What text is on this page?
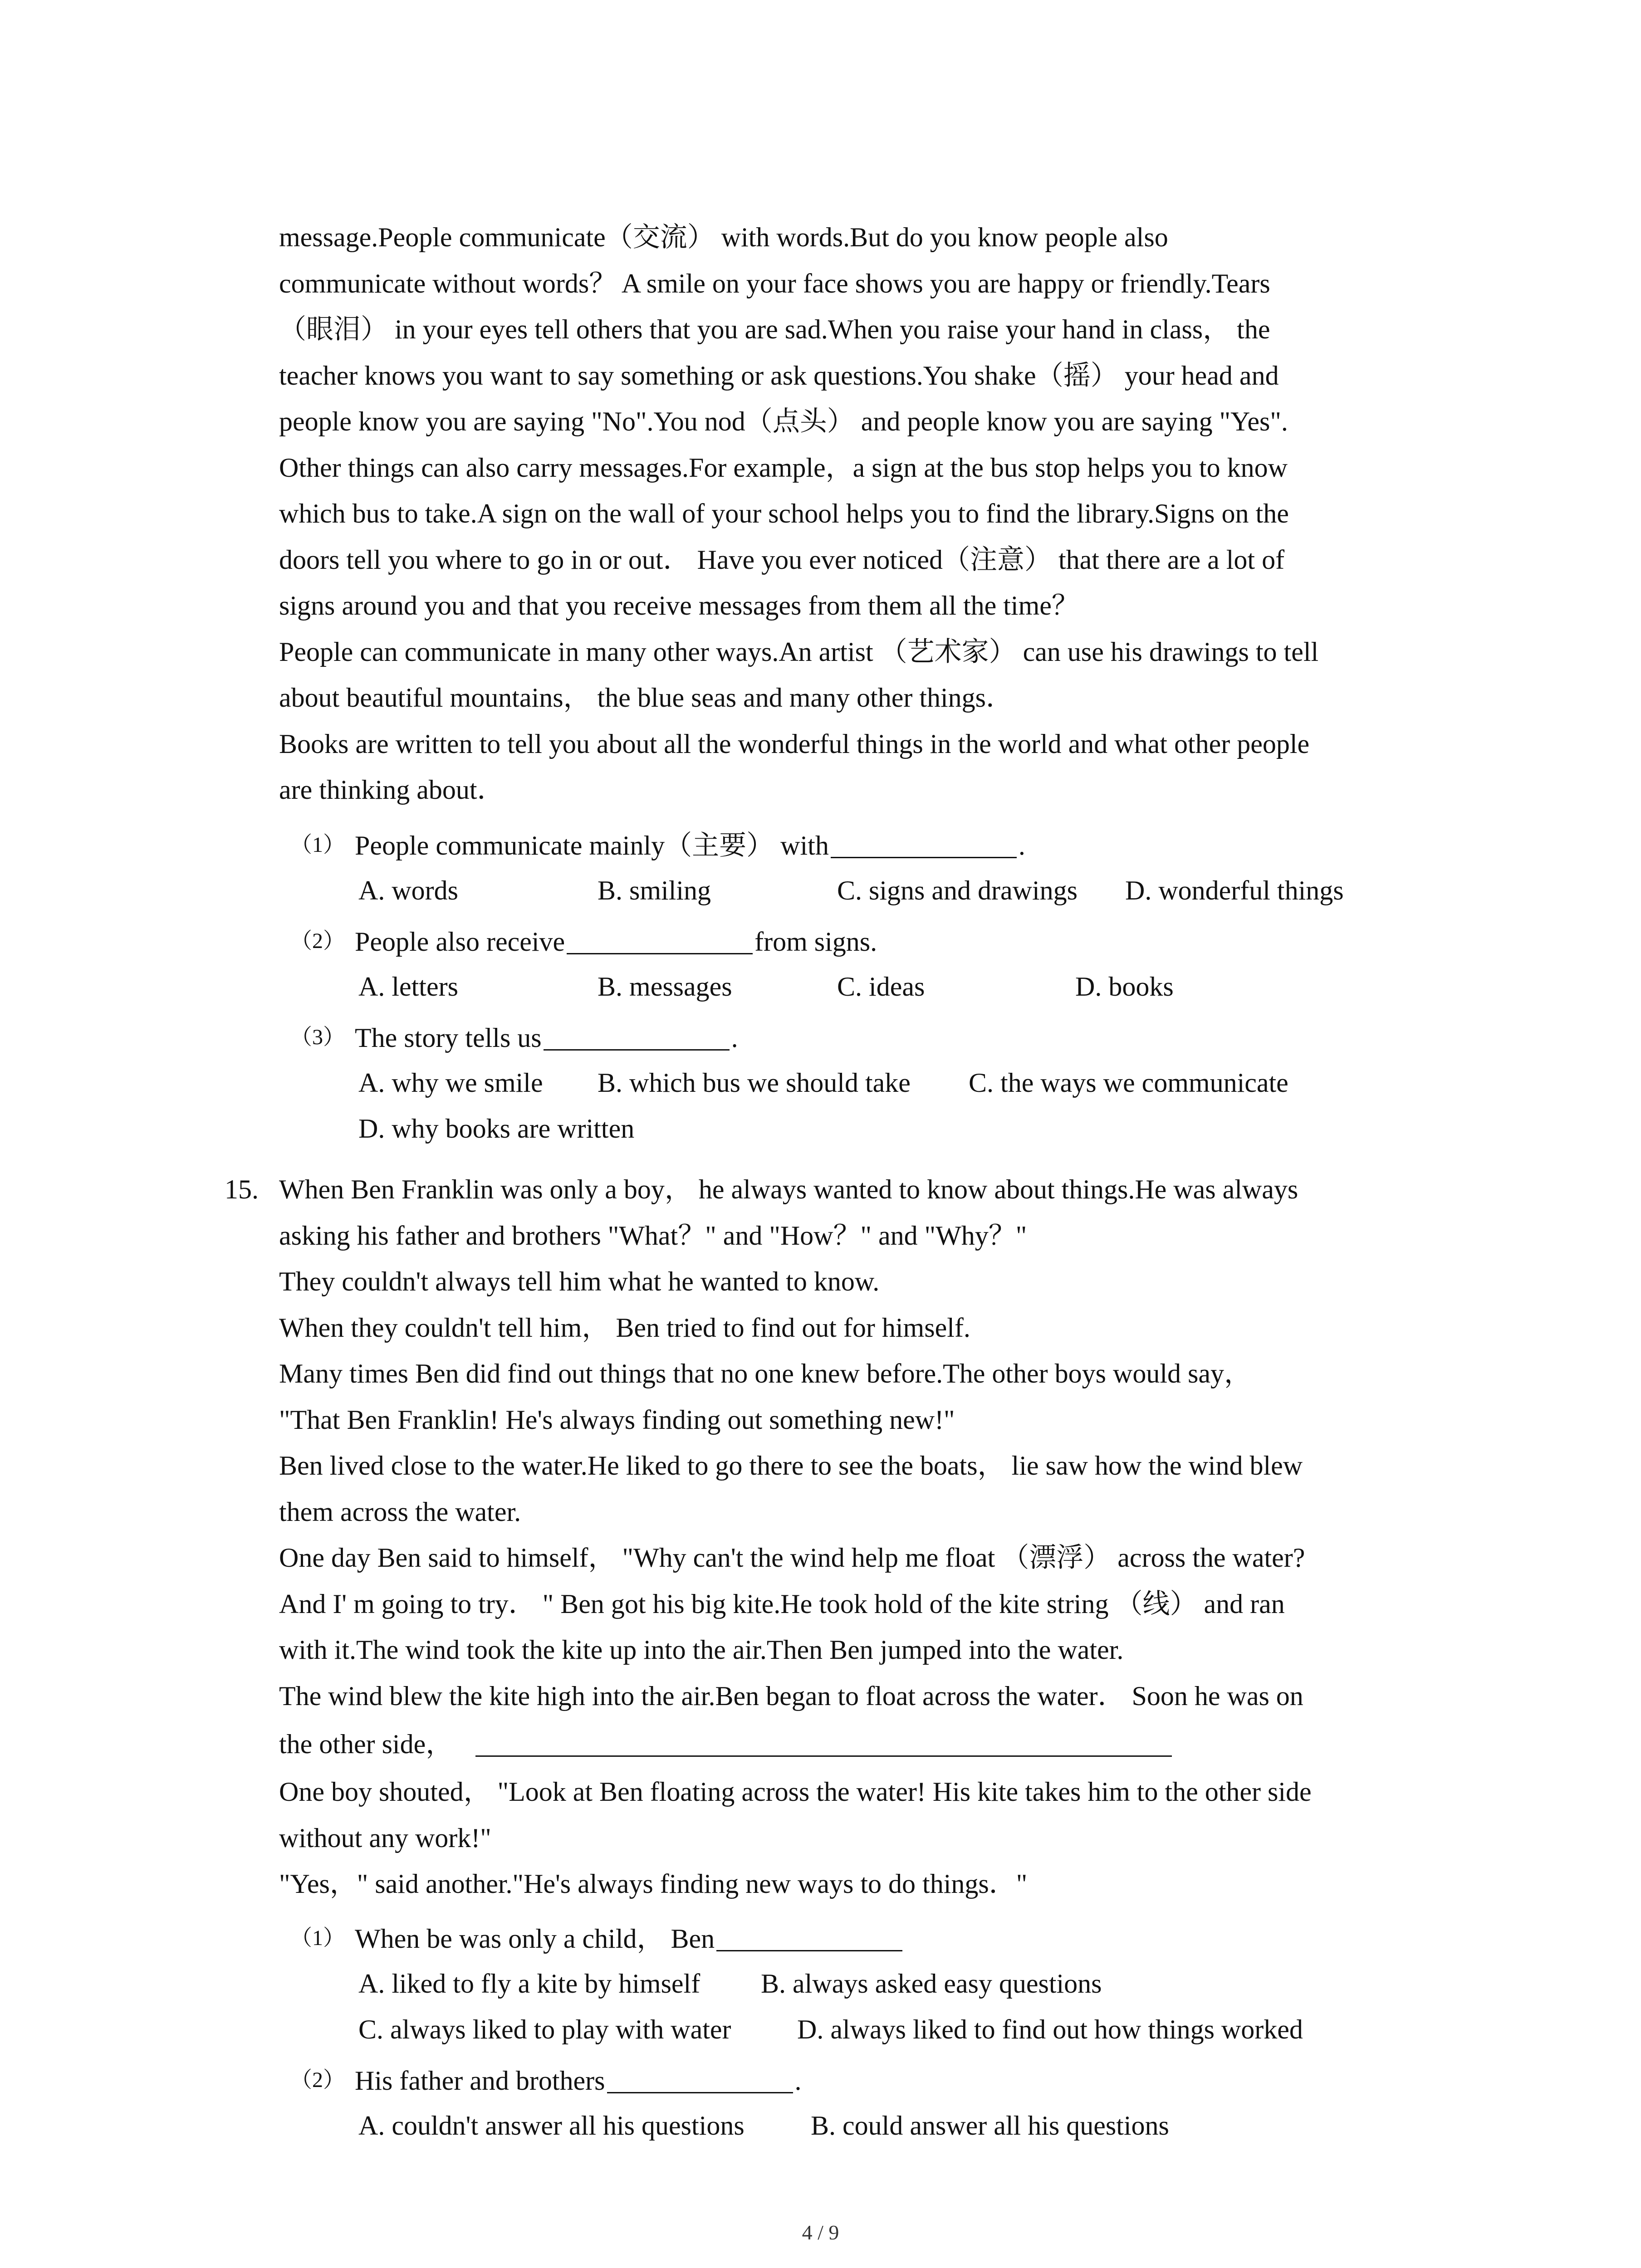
message.People communicate（交流） with words.But do you know people also
communicate without words？ A smile on your face shows you are happy or friendly.Tears
（眼泪） in your eyes tell others that you are sad.When you raise your hand in class， the
teacher knows you want to say something or ask questions.You shake（摇） your head and
people know you are saying "No".You nod（点头） and people know you are saying "Yes".
Other things can also carry messages.For example，a sign at the bus stop helps you to know
which bus to take.A sign on the wall of your school helps you to find the library.Signs on the
doors tell you where to go in or out． Have you ever noticed（注意） that there are a lot of
signs around you and that you receive messages from them all the time？
People can communicate in many other ways.An artist （艺术家） can use his drawings to tell
about beautiful mountains， the blue seas and many other things．
Books are written to tell you about all the wonderful things in the world and what other people
are thinking about．
（1） People communicate mainly（主要） with	.
A. words	B. smiling	C. signs and drawings D. wonderful things
（2） People also receive	from signs.
A. letters	B. messages	C. ideas	D. books
（3） The story tells us	.
A. why we smile B. which bus we should take C. the ways we communicate
D. why books are written
15. When Ben Franklin was only a boy， he always wanted to know about things.He was always
asking his father and brothers "What？" and "How？" and "Why？"
They couldn't always tell him what he wanted to know.
When they couldn't tell him， Ben tried to find out for himself.
Many times Ben did find out things that no one knew before.The other boys would say，
"That Ben Franklin! He's always finding out something new!"
Ben lived close to the water.He liked to go there to see the boats， lie saw how the wind blew
them across the water.
One day Ben said to himself， "Why can't the wind help me float （漂浮） across the water?
And I' m going to try． " Ben got his big kite.He took hold of the kite string （线） and ran
with it.The wind took the kite up into the air.Then Ben jumped into the water.
The wind blew the kite high into the air.Ben began to float across the water． Soon he was on
the other side，
One boy shouted， "Look at Ben floating across the water! His kite takes him to the other side
without any work!"
"Yes，" said another."He's always finding new ways to do things．"
（1） When be was only a child， Ben
A. liked to fly a kite by himself B. always asked easy questions
C. always liked to play with water D. always liked to find out how things worked
（2） His father and brothers	.
A. couldn't answer all his questions B. could answer all his questions
4 / 9
